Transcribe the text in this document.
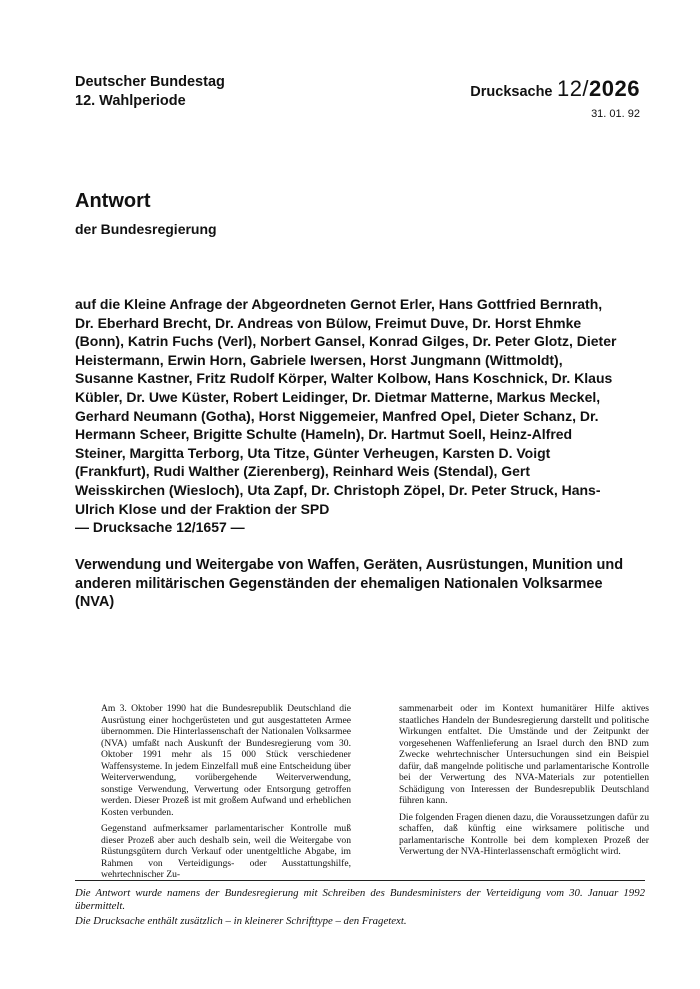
Deutscher Bundestag
12. Wahlperiode
Drucksache 12/2026
31. 01. 92
Antwort
der Bundesregierung
auf die Kleine Anfrage der Abgeordneten Gernot Erler, Hans Gottfried Bernrath, Dr. Eberhard Brecht, Dr. Andreas von Bülow, Freimut Duve, Dr. Horst Ehmke (Bonn), Katrin Fuchs (Verl), Norbert Gansel, Konrad Gilges, Dr. Peter Glotz, Dieter Heistermann, Erwin Horn, Gabriele Iwersen, Horst Jungmann (Wittmoldt), Susanne Kastner, Fritz Rudolf Körper, Walter Kolbow, Hans Koschnick, Dr. Klaus Kübler, Dr. Uwe Küster, Robert Leidinger, Dr. Dietmar Matterne, Markus Meckel, Gerhard Neumann (Gotha), Horst Niggemeier, Manfred Opel, Dieter Schanz, Dr. Hermann Scheer, Brigitte Schulte (Hameln), Dr. Hartmut Soell, Heinz-Alfred Steiner, Margitta Terborg, Uta Titze, Günter Verheugen, Karsten D. Voigt (Frankfurt), Rudi Walther (Zierenberg), Reinhard Weis (Stendal), Gert Weisskirchen (Wiesloch), Uta Zapf, Dr. Christoph Zöpel, Dr. Peter Struck, Hans-Ulrich Klose und der Fraktion der SPD
— Drucksache 12/1657 —
Verwendung und Weitergabe von Waffen, Geräten, Ausrüstungen, Munition und anderen militärischen Gegenständen der ehemaligen Nationalen Volksarmee (NVA)

Am 3. Oktober 1990 hat die Bundesrepublik Deutschland die Ausrüstung einer hochgerüsteten und gut ausgestatteten Armee übernommen. Die Hinterlassenschaft der Nationalen Volksarmee (NVA) umfaßt nach Auskunft der Bundesregierung vom 30. Oktober 1991 mehr als 15 000 Stück verschiedener Waffensysteme. In jedem Einzelfall muß eine Entscheidung über Weiterverwendung, vorübergehende Weiterverwendung, sonstige Verwendung, Verwertung oder Entsorgung getroffen werden. Dieser Prozeß ist mit großem Aufwand und erheblichen Kosten verbunden.

Gegenstand aufmerksamer parlamentarischer Kontrolle muß dieser Prozeß aber auch deshalb sein, weil die Weitergabe von Rüstungsgütern durch Verkauf oder unentgeltliche Abgabe, im Rahmen von Verteidigungs- oder Ausstattungshilfe, wehrtechnischer Zu-

sammenarbeit oder im Kontext humanitärer Hilfe aktives staatliches Handeln der Bundesregierung darstellt und politische Wirkungen entfaltet. Die Umstände und der Zeitpunkt der vorgesehenen Waffenlieferung an Israel durch den BND zum Zwecke wehrtechnischer Untersuchungen sind ein Beispiel dafür, daß mangelnde politische und parlamentarische Kontrolle bei der Verwertung des NVA-Materials zur potentiellen Schädigung von Interessen der Bundesrepublik Deutschland führen kann.

Die folgenden Fragen dienen dazu, die Voraussetzungen dafür zu schaffen, daß künftig eine wirksamere politische und parlamentarische Kontrolle bei dem komplexen Prozeß der Verwertung der NVA-Hinterlassenschaft ermöglicht wird.

Die Antwort wurde namens der Bundesregierung mit Schreiben des Bundesministers der Verteidigung vom 30. Januar 1992 übermittelt.

Die Drucksache enthält zusätzlich – in kleinerer Schrifttype – den Fragetext.
